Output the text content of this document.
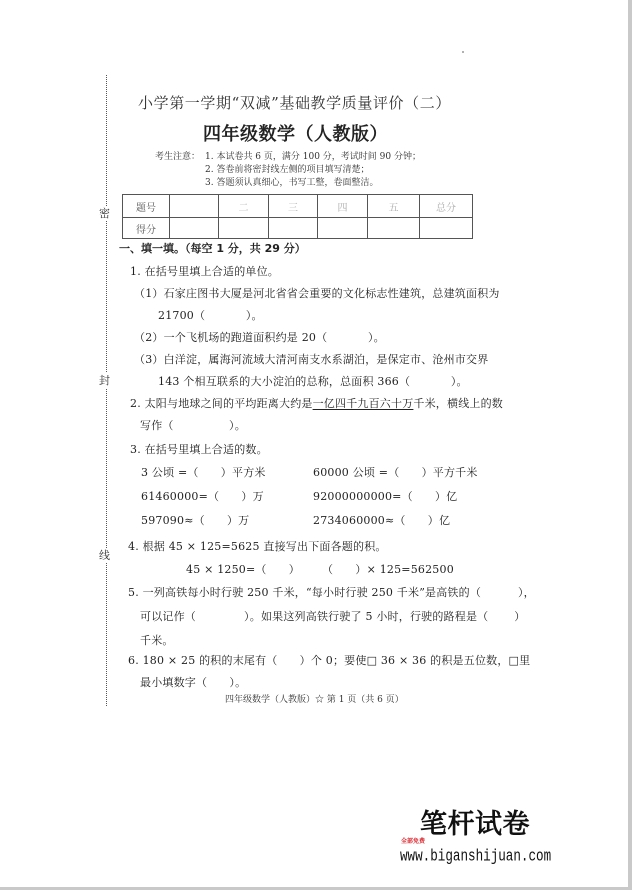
密
封
线
小学第一学期“双减”基础教学质量评价（二）
四年级数学（人教版）
考生注意： 1. 本试卷共 6 页，满分 100 分，考试时间 90 分钟；
2. 答卷前将密封线左侧的项目填写清楚；
3. 答题须认真细心，书写工整，卷面整洁。
题号		二	三	四	五	总分
得分						
一、填一填。（每空 1 分，共 29 分）
1. 在括号里填上合适的单位。
（1）石家庄图书大厦是河北省省会重要的文化标志性建筑，总建筑面积为
21700（           ）。
（2）一个飞机场的跑道面积约是 20（           ）。
（3）白洋淀，属海河流域大清河南支水系湖泊，是保定市、沧州市交界
143 个相互联系的大小淀泊的总称，总面积 366（           ）。
2. 太阳与地球之间的平均距离大约是一亿四千九百六十万千米，横线上的数
写作（               ）。
3. 在括号里填上合适的数。
3 公顷 =（      ）平方米	60000 公顷 =（      ）平方千米
61460000=（      ）万	92000000000=（      ）亿
597090≈（      ）万	2734060000≈（      ）亿
4. 根据 45 × 125=5625 直接写出下面各题的积。
45 × 1250=（      ） （      ）× 125=562500
5. 一列高铁每小时行驶 250 千米，“每小时行驶 250 千米”是高铁的（          ），
可以记作（             ）。如果这列高铁行驶了 5 小时，行驶的路程是（       ）
千米。
6. 180 × 25 的积的末尾有（      ）个 0；要使□ 36 × 36 的积是五位数，□里
最小填数字（      ）。
四年级数学（人教版）☆ 第 1 页（共 6 页）
全部免费
笔杆试卷
www.biganshijuan.com
